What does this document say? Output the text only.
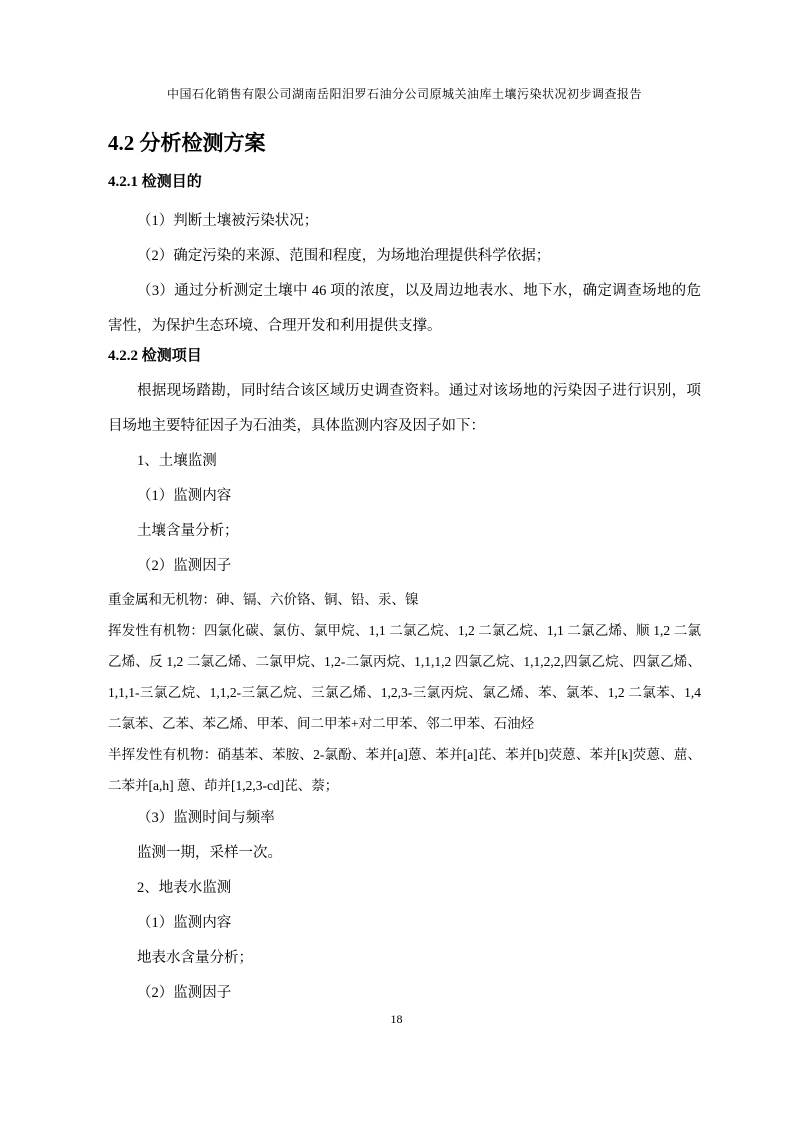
中国石化销售有限公司湖南岳阳汨罗石油分公司原城关油库土壤污染状况初步调查报告
4.2 分析检测方案
4.2.1 检测目的

（1）判断土壤被污染状况；

（2）确定污染的来源、范围和程度，为场地治理提供科学依据；

（3）通过分析测定土壤中 46 项的浓度，以及周边地表水、地下水，确定调查场地的危害性，为保护生态环境、合理开发和利用提供支撑。

4.2.2 检测项目

根据现场踏勘，同时结合该区域历史调查资料。通过对该场地的污染因子进行识别，项目场地主要特征因子为石油类，具体监测内容及因子如下：

1、土壤监测

（1）监测内容

土壤含量分析；

（2）监测因子

重金属和无机物：砷、镉、六价铬、铜、铅、汞、镍

挥发性有机物：四氯化碳、氯仿、氯甲烷、1,1 二氯乙烷、1,2 二氯乙烷、1,1 二氯乙烯、顺 1,2 二氯乙烯、反 1,2 二氯乙烯、二氯甲烷、1,2-二氯丙烷、1,1,1,2 四氯乙烷、1,1,2,2,四氯乙烷、四氯乙烯、1,1,1-三氯乙烷、1,1,2-三氯乙烷、三氯乙烯、1,2,3-三氯丙烷、氯乙烯、苯、氯苯、1,2 二氯苯、1,4 二氯苯、乙苯、苯乙烯、甲苯、间二甲苯+对二甲苯、邻二甲苯、石油烃

半挥发性有机物：硝基苯、苯胺、2-氯酚、苯并[a]蒽、苯并[a]芘、苯并[b]荧蒽、苯并[k]荧蒽、䓛、二苯并[a,h] 蒽、茚并[1,2,3-cd]芘、萘；

（3）监测时间与频率

监测一期，采样一次。

2、地表水监测

（1）监测内容

地表水含量分析；

（2）监测因子

18
